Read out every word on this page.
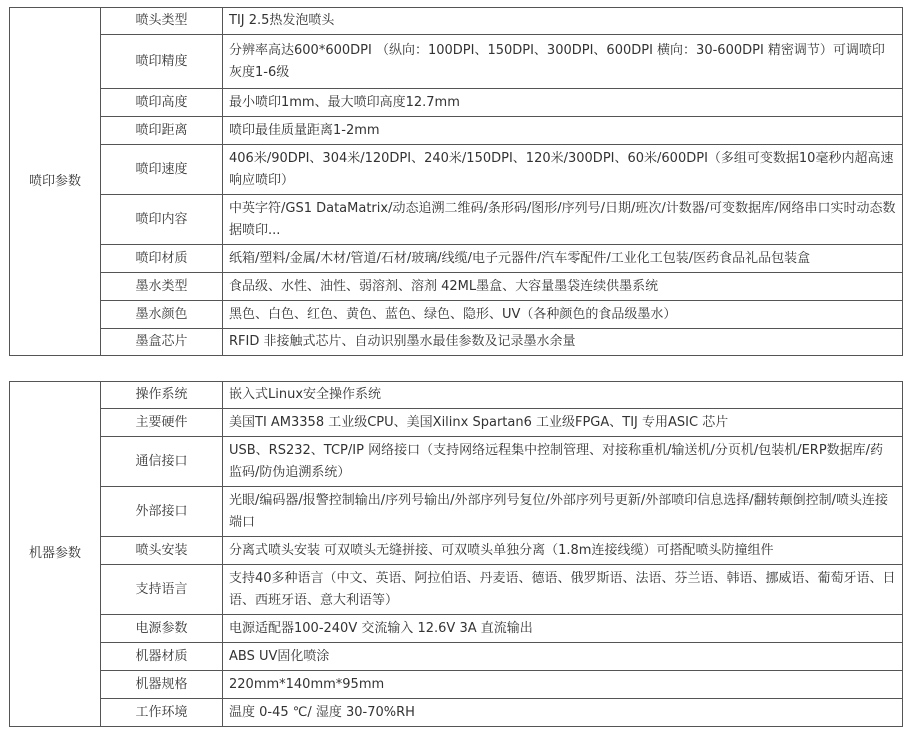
喷印参数	喷头类型	TIJ 2.5热发泡喷头
	喷印精度	分辨率高达600*600DPI （纵向：100DPI、150DPI、300DPI、600DPI 横向：30-600DPI 精密调节）可调喷印灰度1-6级
	喷印高度	最小喷印1mm、最大喷印高度12.7mm
	喷印距离	喷印最佳质量距离1-2mm
	喷印速度	406米/90DPI、304米/120DPI、240米/150DPI、120米/300DPI、60米/600DPI（多组可变数据10毫秒内超高速响应喷印）
	喷印内容	中英字符/GS1 DataMatrix/动态追溯二维码/条形码/图形/序列号/日期/班次/计数器/可变数据库/网络串口实时动态数据喷印...
	喷印材质	纸箱/塑料/金属/木材/管道/石材/玻璃/线缆/电子元器件/汽车零配件/工业化工包装/医药食品礼品包装盒
	墨水类型	食品级、水性、油性、弱溶剂、溶剂 42ML墨盒、大容量墨袋连续供墨系统
	墨水颜色	黑色、白色、红色、黄色、蓝色、绿色、隐形、UV（各种颜色的食品级墨水）
	墨盒芯片	RFID 非接触式芯片、自动识别墨水最佳参数及记录墨水余量
机器参数	操作系统	嵌入式Linux安全操作系统
	主要硬件	美国TI AM3358 工业级CPU、美国Xilinx Spartan6 工业级FPGA、TIJ 专用ASIC 芯片
	通信接口	USB、RS232、TCP/IP 网络接口（支持网络远程集中控制管理、对接称重机/输送机/分页机/包装机/ERP数据库/药监码/防伪追溯系统）
	外部接口	光眼/编码器/报警控制输出/序列号输出/外部序列号复位/外部序列号更新/外部喷印信息选择/翻转颠倒控制/喷头连接端口
	喷头安装	分离式喷头安装 可双喷头无缝拼接、可双喷头单独分离（1.8m连接线缆）可搭配喷头防撞组件
	支持语言	支持40多种语言（中文、英语、阿拉伯语、丹麦语、德语、俄罗斯语、法语、芬兰语、韩语、挪威语、葡萄牙语、日语、西班牙语、意大利语等）
	电源参数	电源适配器100-240V 交流输入 12.6V 3A 直流输出
	机器材质	ABS UV固化喷涂
	机器规格	220mm*140mm*95mm
	工作环境	温度 0-45 ℃/ 湿度 30-70%RH
